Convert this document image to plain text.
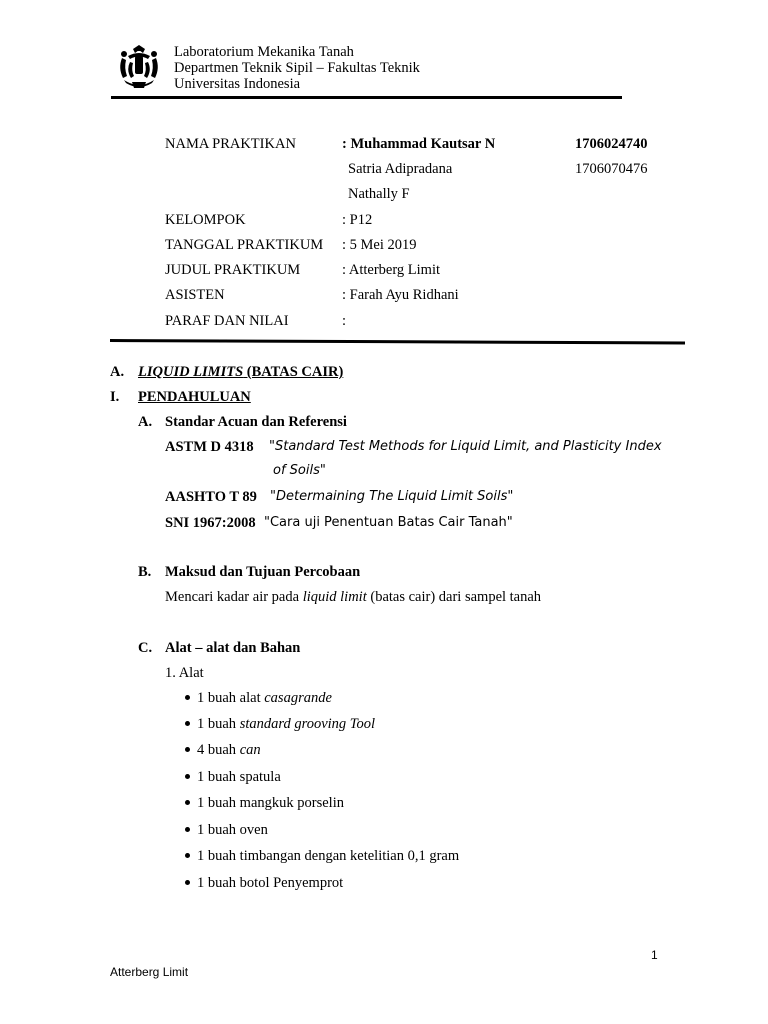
Laboratorium Mekanika Tanah
Departmen Teknik Sipil – Fakultas Teknik
Universitas Indonesia
NAMA PRAKTIKAN	: Muhammad Kautsar N	1706024740
Satria Adipradana	1706070476
Nathally F
KELOMPOK	: P12
TANGGAL PRAKTIKUM : 5 Mei 2019
JUDUL PRAKTIKUM	: Atterberg Limit
ASISTEN	: Farah Ayu Ridhani
PARAF DAN NILAI	:
A. LIQUID LIMITS (BATAS CAIR)
I. PENDAHULUAN
A. Standar Acuan dan Referensi
ASTM D 4318 "Standard Test Methods for Liquid Limit, and Plasticity Index
of Soils"
AASHTO T 89 "Determaining The Liquid Limit Soils"
SNI 1967:2008 "Cara uji Penentuan Batas Cair Tanah"
B. Maksud dan Tujuan Percobaan
Mencari kadar air pada liquid limit (batas cair) dari sampel tanah
C. Alat – alat dan Bahan
1. Alat
1 buah alat casagrande
1 buah standard grooving Tool
4 buah can
1 buah spatula
1 buah mangkuk porselin
1 buah oven
1 buah timbangan dengan ketelitian 0,1 gram
1 buah botol Penyemprot
1
Atterberg Limit
